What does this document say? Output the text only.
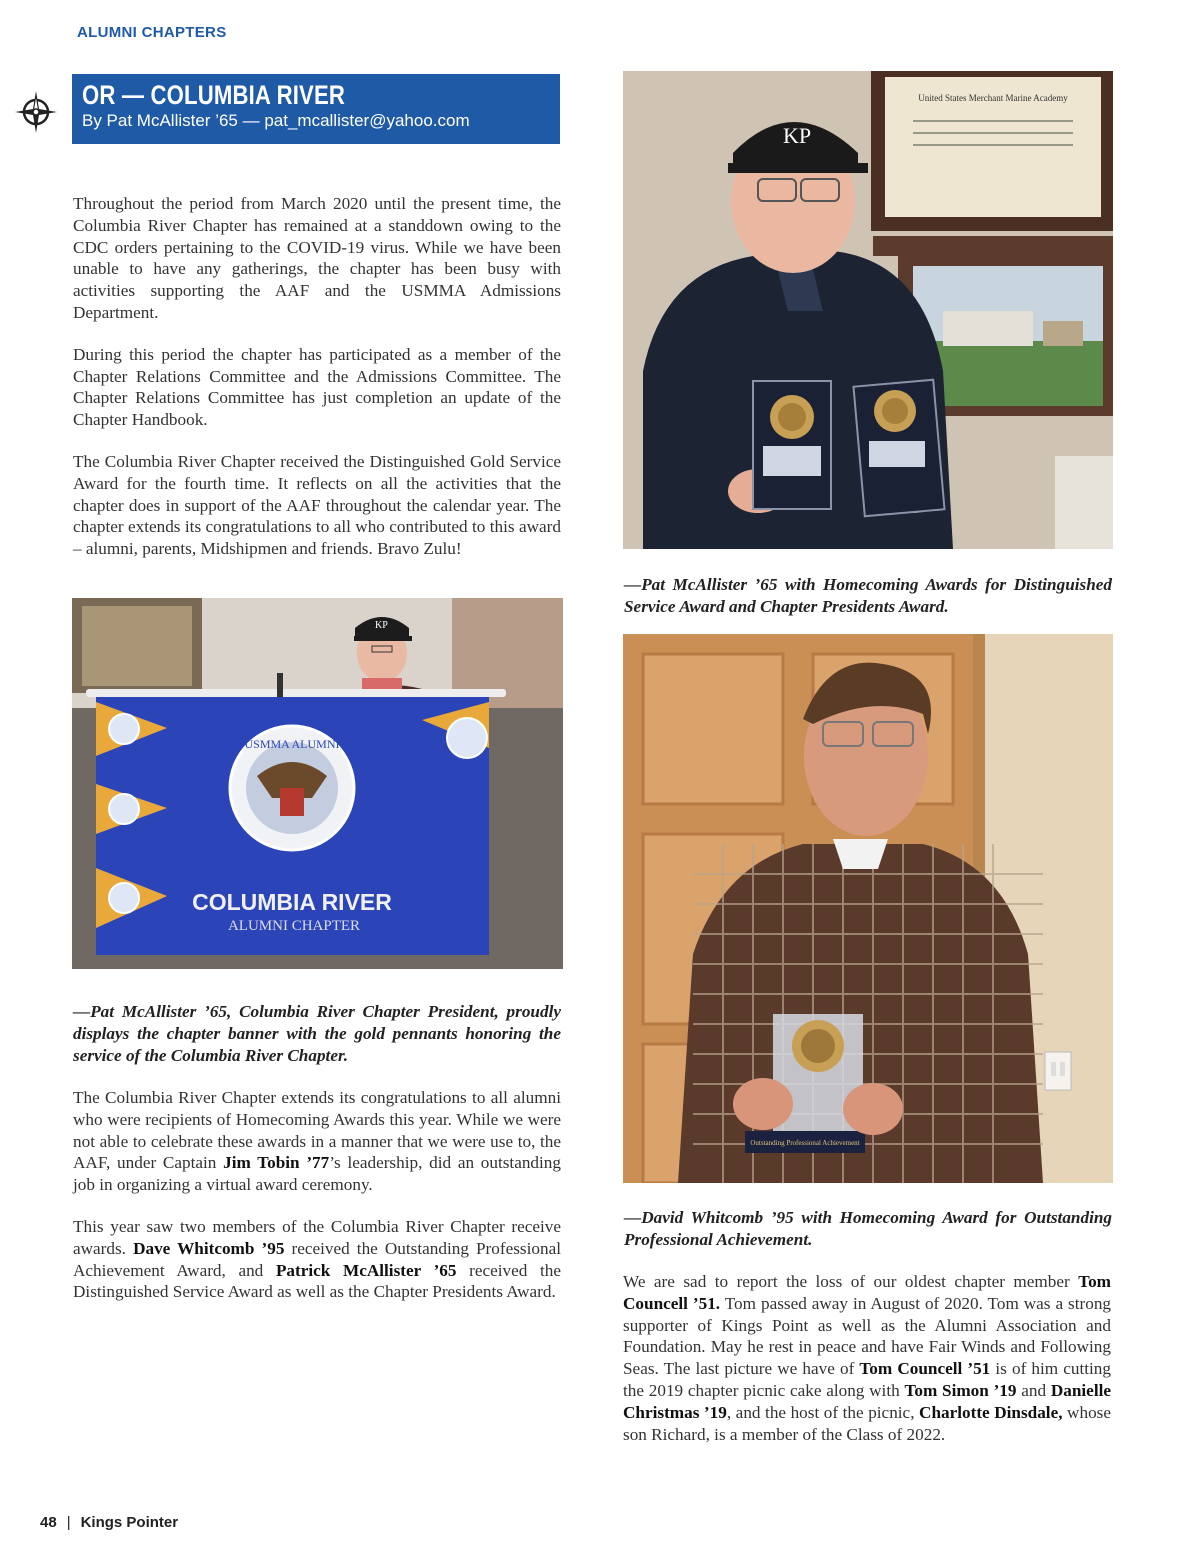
ALUMNI CHAPTERS
OR — COLUMBIA RIVER
By Pat McAllister ’65 — pat_mcallister@yahoo.com

Throughout the period from March 2020 until the present time, the Columbia River Chapter has remained at a standdown owing to the CDC orders pertaining to the COVID-19 virus. While we have been unable to have any gatherings, the chapter has been busy with activities supporting the AAF and the USMMA Admissions Department.

During this period the chapter has participated as a member of the Chapter Relations Committee and the Admissions Committee. The Chapter Relations Committee has just completion an update of the Chapter Handbook.

The Columbia River Chapter received the Distinguished Gold Service Award for the fourth time. It reflects on all the activities that the chapter does in support of the AAF throughout the calendar year. The chapter extends its congratulations to all who contributed to this award – alumni, parents, Midshipmen and friends. Bravo Zulu!

KP
USMMA ALUMNI
COLUMBIA RIVER
ALUMNI CHAPTER
—Pat McAllister ’65, Columbia River Chapter President, proudly displays the chapter banner with the gold pennants honoring the service of the Columbia River Chapter.

The Columbia River Chapter extends its congratulations to all alumni who were recipients of Homecoming Awards this year. While we were not able to celebrate these awards in a manner that we were use to, the AAF, under Captain Jim Tobin ’77’s leadership, did an outstanding job in organizing a virtual award ceremony.

This year saw two members of the Columbia River Chapter receive awards. Dave Whitcomb ’95 received the Outstanding Professional Achievement Award, and Patrick McAllister ’65 received the Distinguished Service Award as well as the Chapter Presidents Award.

United States Merchant Marine Academy
KP
—Pat McAllister ’65 with Homecoming Awards for Distinguished Service Award and Chapter Presidents Award.
Outstanding Professional Achievement
—David Whitcomb ’95 with Homecoming Award for Outstanding Professional Achievement.

We are sad to report the loss of our oldest chapter member Tom Councell ’51. Tom passed away in August of 2020. Tom was a strong supporter of Kings Point as well as the Alumni Association and Foundation. May he rest in peace and have Fair Winds and Following Seas. The last picture we have of Tom Councell ’51 is of him cutting the 2019 chapter picnic cake along with Tom Simon ’19 and Danielle Christmas ’19, and the host of the picnic, Charlotte Dinsdale, whose son Richard, is a member of the Class of 2022.

48 | Kings Pointer
